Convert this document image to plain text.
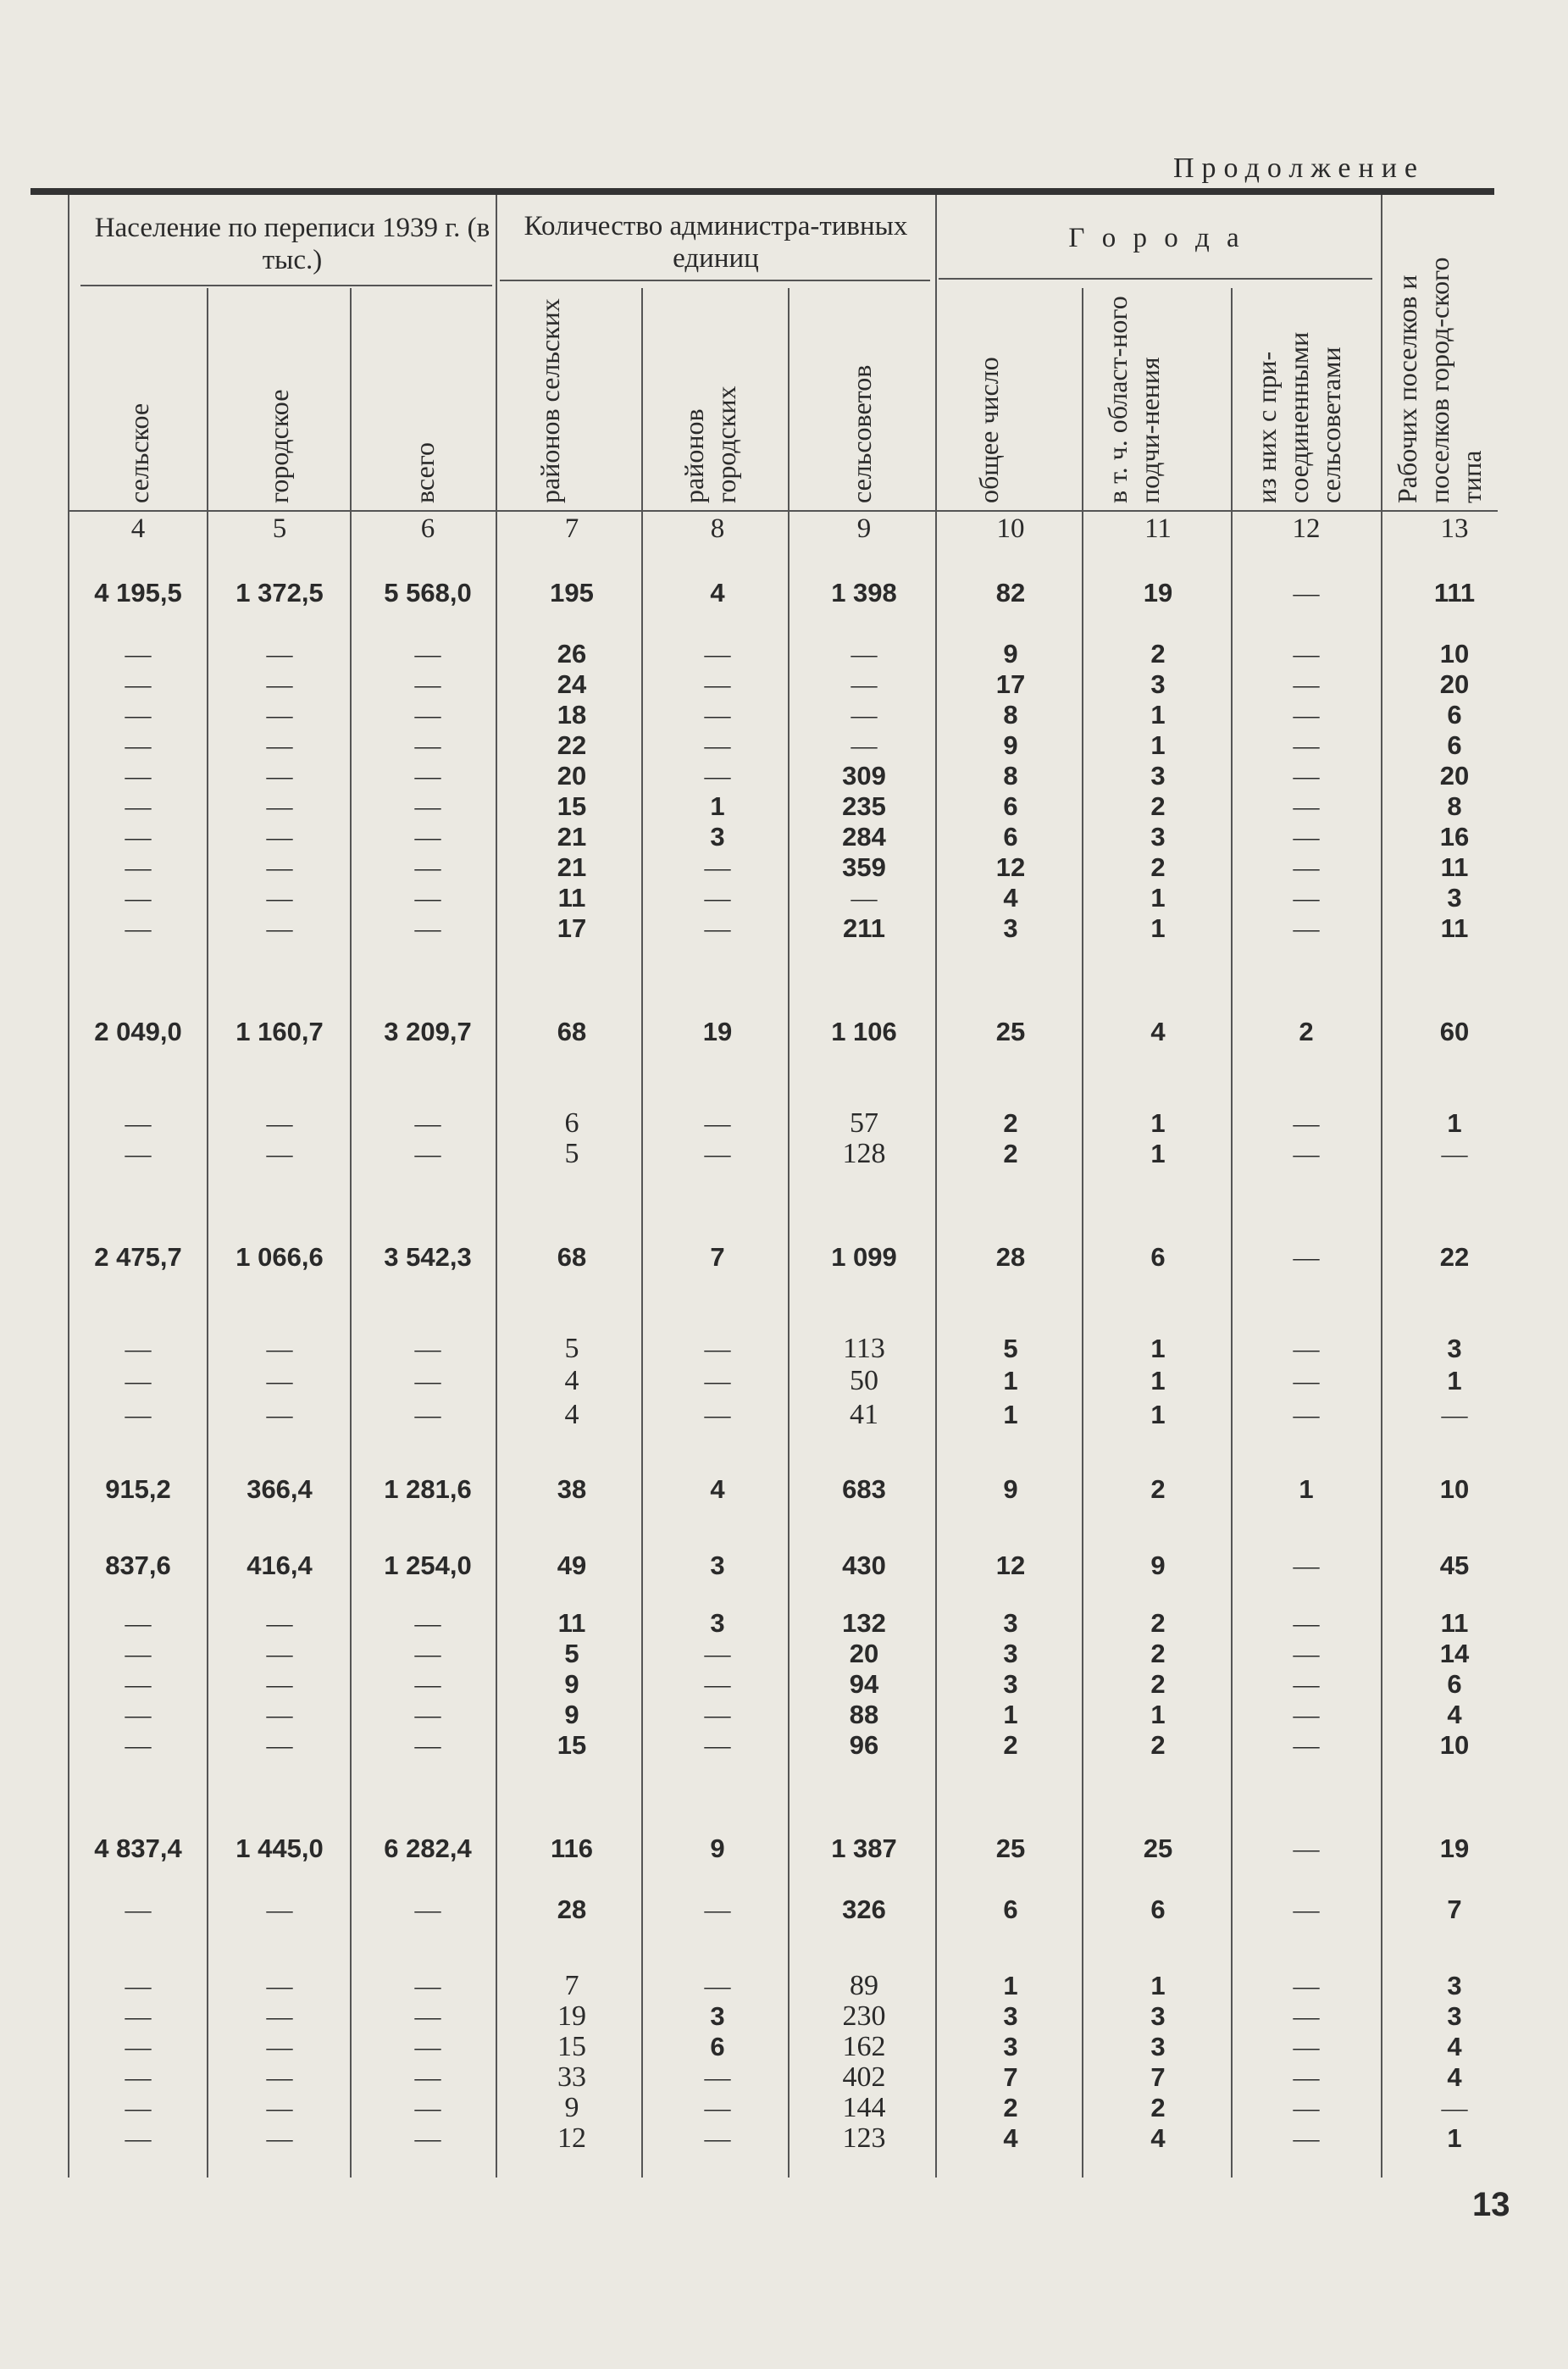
Продолжение
Население по переписи 1939 г. (в тыс.)
Количество администра-тивных единиц
Г о р о д а
Рабочих поселков и поселков город-ского типа
сельское	городское	всего	районов сельских	районов городских	сельсоветов	общее число	в т. ч. област-ного подчи-нения	из них с при-соединенными сельсоветами
4	5	6	7	8	9	10	11	12	13
4 195,5	1 372,5	5 568,0	195	4	1 398	82	19	—	111
—	—	—	26	—	—	9	2	—	10
—	—	—	24	—	—	17	3	—	20
—	—	—	18	—	—	8	1	—	6
—	—	—	22	—	—	9	1	—	6
—	—	—	20	—	309	8	3	—	20
—	—	—	15	1	235	6	2	—	8
—	—	—	21	3	284	6	3	—	16
—	—	—	21	—	359	12	2	—	11
—	—	—	11	—	—	4	1	—	3
—	—	—	17	—	211	3	1	—	11
2 049,0	1 160,7	3 209,7	68	19	1 106	25	4	2	60
—	—	—	6	—	57	2	1	—	1
—	—	—	5	—	128	2	1	—	—
2 475,7	1 066,6	3 542,3	68	7	1 099	28	6	—	22
—	—	—	5	—	113	5	1	—	3
—	—	—	4	—	50	1	1	—	1
—	—	—	4	—	41	1	1	—	—
915,2	366,4	1 281,6	38	4	683	9	2	1	10
837,6	416,4	1 254,0	49	3	430	12	9	—	45
—	—	—	11	3	132	3	2	—	11
—	—	—	5	—	20	3	2	—	14
—	—	—	9	—	94	3	2	—	6
—	—	—	9	—	88	1	1	—	4
—	—	—	15	—	96	2	2	—	10
4 837,4	1 445,0	6 282,4	116	9	1 387	25	25	—	19
—	—	—	28	—	326	6	6	—	7
—	—	—	7	—	89	1	1	—	3
—	—	—	19	3	230	3	3	—	3
—	—	—	15	6	162	3	3	—	4
—	—	—	33	—	402	7	7	—	4
—	—	—	9	—	144	2	2	—	—
—	—	—	12	—	123	4	4	—	1
13
